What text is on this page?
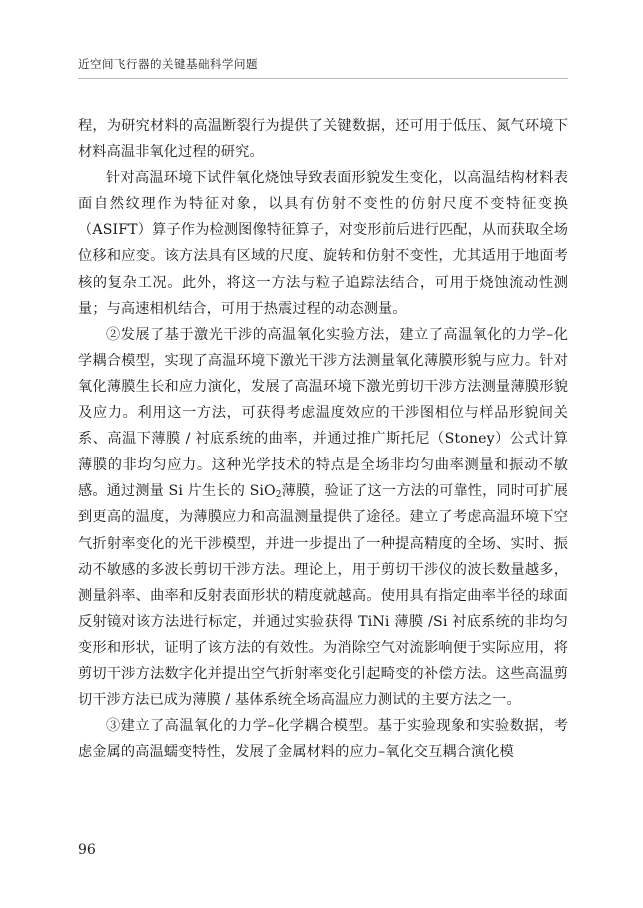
近空间飞行器的关键基础科学问题

程，为研究材料的高温断裂行为提供了关键数据，还可用于低压、氮气环境下材料高温非氧化过程的研究。

针对高温环境下试件氧化烧蚀导致表面形貌发生变化，以高温结构材料表面自然纹理作为特征对象，以具有仿射不变性的仿射尺度不变特征变换（ASIFT）算子作为检测图像特征算子，对变形前后进行匹配，从而获取全场位移和应变。该方法具有区域的尺度、旋转和仿射不变性，尤其适用于地面考核的复杂工况。此外，将这一方法与粒子追踪法结合，可用于烧蚀流动性测量；与高速相机结合，可用于热震过程的动态测量。

②发展了基于激光干涉的高温氧化实验方法，建立了高温氧化的力学–化学耦合模型，实现了高温环境下激光干涉方法测量氧化薄膜形貌与应力。针对氧化薄膜生长和应力演化，发展了高温环境下激光剪切干涉方法测量薄膜形貌及应力。利用这一方法，可获得考虑温度效应的干涉图相位与样品形貌间关系、高温下薄膜 / 衬底系统的曲率，并通过推广斯托尼（Stoney）公式计算薄膜的非均匀应力。这种光学技术的特点是全场非均匀曲率测量和振动不敏感。通过测量 Si 片生长的 SiO$_2$薄膜，验证了这一方法的可靠性，同时可扩展到更高的温度，为薄膜应力和高温测量提供了途径。建立了考虑高温环境下空气折射率变化的光干涉模型，并进一步提出了一种提高精度的全场、实时、振动不敏感的多波长剪切干涉方法。理论上，用于剪切干涉仪的波长数量越多，测量斜率、曲率和反射表面形状的精度就越高。使用具有指定曲率半径的球面反射镜对该方法进行标定，并通过实验获得 TiNi 薄膜 /Si 衬底系统的非均匀变形和形状，证明了该方法的有效性。为消除空气对流影响便于实际应用，将剪切干涉方法数字化并提出空气折射率变化引起畸变的补偿方法。这些高温剪切干涉方法已成为薄膜 / 基体系统全场高温应力测试的主要方法之一。

③建立了高温氧化的力学–化学耦合模型。基于实验现象和实验数据，考虑金属的高温蠕变特性，发展了金属材料的应力–氧化交互耦合演化模

96
